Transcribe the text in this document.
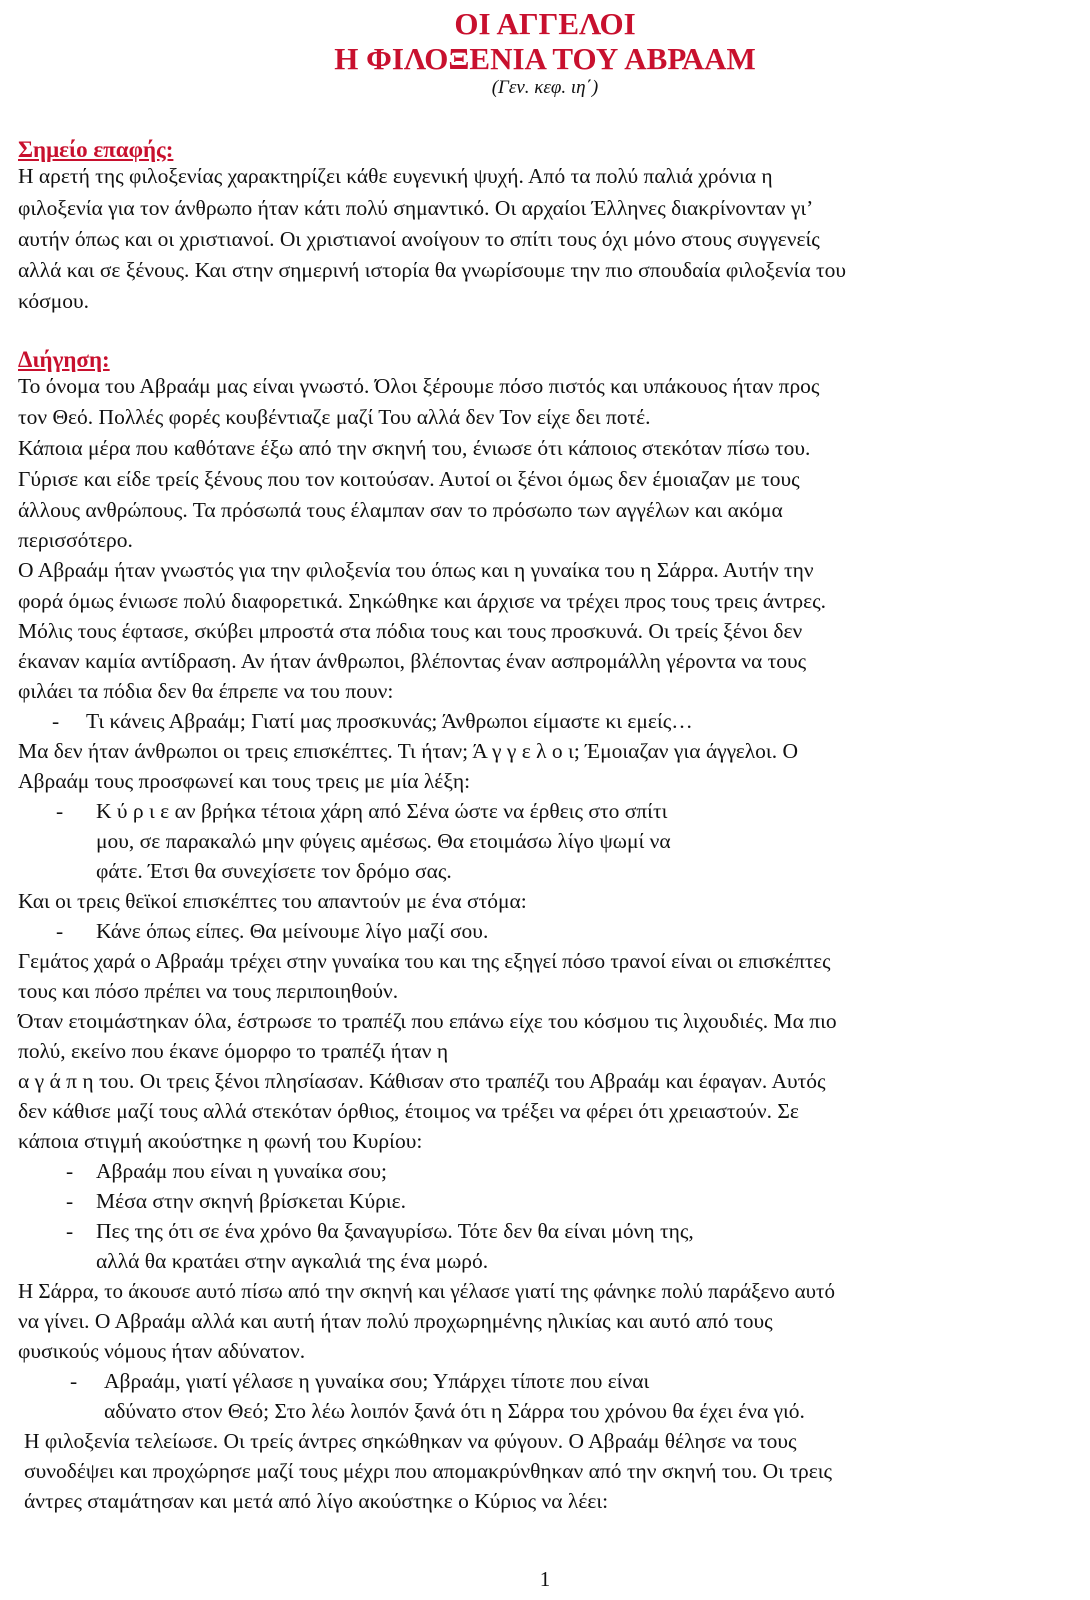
ΟΙ ΑΓΓΕΛΟΙ
Η ΦΙΛΟΞΕΝΙΑ ΤΟΥ ΑΒΡΑΑΜ

(Γεν. κεφ. ιη΄)

Σημείο επαφής:

Διήγηση:

Η αρετή της φιλοξενίας χαρακτηρίζει κάθε ευγενική ψυχή. Από τα πολύ παλιά χρόνια η

φιλοξενία για τον άνθρωπο ήταν κάτι πολύ σημαντικό. Οι αρχαίοι Έλληνες διακρίνονταν γι’

αυτήν όπως και οι χριστιανοί. Οι χριστιανοί ανοίγουν το σπίτι τους όχι μόνο στους συγγενείς

αλλά και σε ξένους. Και στην σημερινή ιστορία θα γνωρίσουμε την πιο σπουδαία φιλοξενία του

κόσμου.

Το όνομα του Αβραάμ μας είναι γνωστό. Όλοι ξέρουμε πόσο πιστός και υπάκουος ήταν προς

τον Θεό. Πολλές φορές κουβέντιαζε μαζί Του αλλά δεν Τον είχε δει ποτέ.

Κάποια μέρα που καθότανε έξω από την σκηνή του, ένιωσε ότι κάποιος στεκόταν πίσω του.

Γύρισε και είδε τρείς ξένους που τον κοιτούσαν. Αυτοί οι ξένοι όμως δεν έμοιαζαν με τους

άλλους ανθρώπους. Τα πρόσωπά τους έλαμπαν σαν το πρόσωπο των αγγέλων και ακόμα

περισσότερο.

Ο Αβραάμ ήταν γνωστός για την φιλοξενία του όπως και η γυναίκα του η Σάρρα. Αυτήν την

φορά όμως ένιωσε πολύ διαφορετικά. Σηκώθηκε και άρχισε να τρέχει προς τους τρεις άντρες.

Μόλις τους έφτασε, σκύβει μπροστά στα πόδια τους και τους προσκυνά. Οι τρείς ξένοι δεν

έκαναν καμία αντίδραση. Αν ήταν άνθρωποι, βλέποντας έναν ασπρομάλλη γέροντα να τους

φιλάει τα πόδια δεν θα έπρεπε να του πουν:

- Τι κάνεις Αβραάμ; Γιατί μας προσκυνάς; Άνθρωποι είμαστε κι εμείς…

Μα δεν ήταν άνθρωποι οι τρεις επισκέπτες. Τι ήταν; Ά γ γ ε λ ο ι; Έμοιαζαν για άγγελοι. Ο

Αβραάμ τους προσφωνεί και τους τρεις με μία λέξη:

- Κ ύ ρ ι ε αν βρήκα τέτοια χάρη από Σένα ώστε να έρθεις στο σπίτι

μου, σε παρακαλώ μην φύγεις αμέσως. Θα ετοιμάσω λίγο ψωμί να

φάτε. Έτσι θα συνεχίσετε τον δρόμο σας.

Και οι τρεις θεϊκοί επισκέπτες του απαντούν με ένα στόμα:

- Κάνε όπως είπες. Θα μείνουμε λίγο μαζί σου.

Γεμάτος χαρά ο Αβραάμ τρέχει στην γυναίκα του και της εξηγεί πόσο τρανοί είναι οι επισκέπτες

τους και πόσο πρέπει να τους περιποιηθούν.

Όταν ετοιμάστηκαν όλα, έστρωσε το τραπέζι που επάνω είχε του κόσμου τις λιχουδιές. Μα πιο

πολύ, εκείνο που έκανε όμορφο το τραπέζι ήταν η

α γ ά π η του. Οι τρεις ξένοι πλησίασαν. Κάθισαν στο τραπέζι του Αβραάμ και έφαγαν. Αυτός

δεν κάθισε μαζί τους αλλά στεκόταν όρθιος, έτοιμος να τρέξει να φέρει ότι χρειαστούν. Σε

κάποια στιγμή ακούστηκε η φωνή του Κυρίου:

- Αβραάμ που είναι η γυναίκα σου;

- Μέσα στην σκηνή βρίσκεται Κύριε.

- Πες της ότι σε ένα χρόνο θα ξαναγυρίσω. Τότε δεν θα είναι μόνη της,

αλλά θα κρατάει στην αγκαλιά της ένα μωρό.

Η Σάρρα, το άκουσε αυτό πίσω από την σκηνή και γέλασε γιατί της φάνηκε πολύ παράξενο αυτό

να γίνει. Ο Αβραάμ αλλά και αυτή ήταν πολύ προχωρημένης ηλικίας και αυτό από τους

φυσικούς νόμους ήταν αδύνατον.

- Αβραάμ, γιατί γέλασε η γυναίκα σου; Υπάρχει τίποτε που είναι

αδύνατο στον Θεό; Στο λέω λοιπόν ξανά ότι η Σάρρα του χρόνου θα έχει ένα γιό.

Η φιλοξενία τελείωσε. Οι τρείς άντρες σηκώθηκαν να φύγουν. Ο Αβραάμ θέλησε να τους

συνοδέψει και προχώρησε μαζί τους μέχρι που απομακρύνθηκαν από την σκηνή του. Οι τρεις

άντρες σταμάτησαν και μετά από λίγο ακούστηκε ο Κύριος να λέει:

1
